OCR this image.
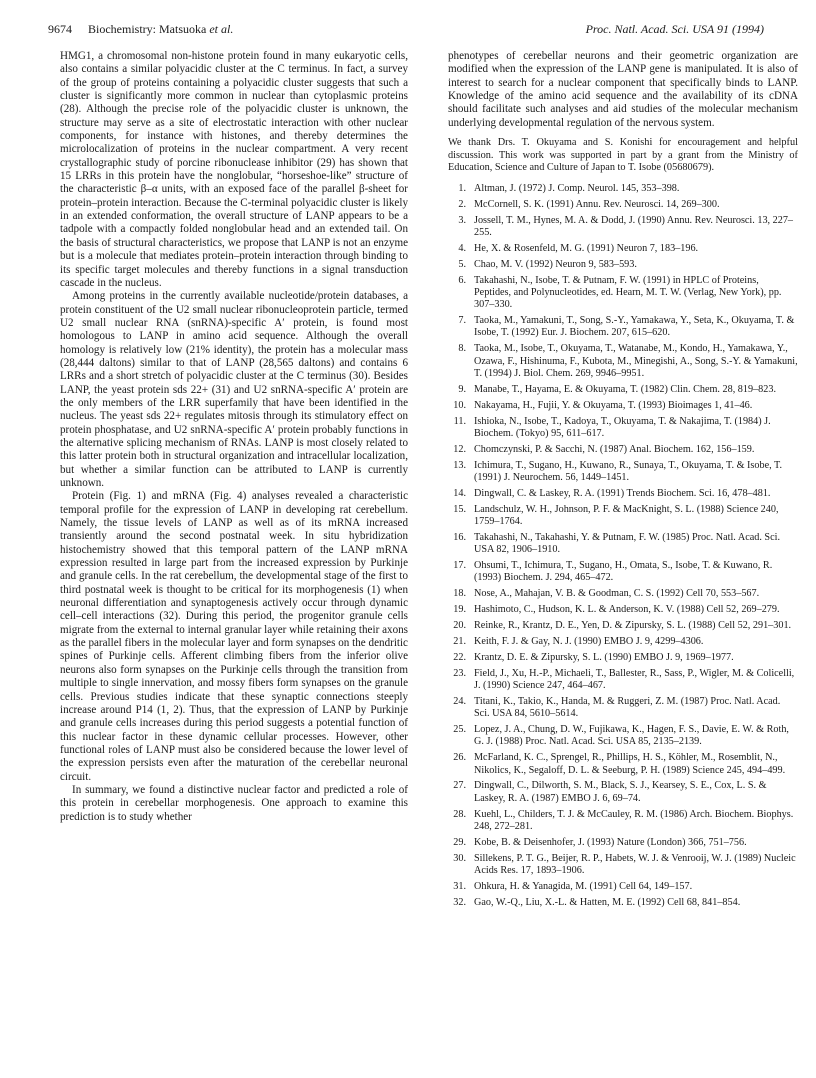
9674 Biochemistry: Matsuoka et al.	Proc. Natl. Acad. Sci. USA 91 (1994)

HMG1, a chromosomal non-histone protein found in many eukaryotic cells, also contains a similar polyacidic cluster at the C terminus. In fact, a survey of the group of proteins containing a polyacidic cluster suggests that such a cluster is significantly more common in nuclear than cytoplasmic proteins (28). Although the precise role of the polyacidic cluster is unknown, the structure may serve as a site of electrostatic interaction with other nuclear components, for instance with histones, and thereby determines the microlocalization of proteins in the nuclear compartment. A very recent crystallographic study of porcine ribonuclease inhibitor (29) has shown that 15 LRRs in this protein have the nonglobular, “horseshoe-like” structure of the characteristic β–α units, with an exposed face of the parallel β-sheet for protein–protein interaction. Because the C-terminal polyacidic cluster is likely in an extended conformation, the overall structure of LANP appears to be a tadpole with a compactly folded nonglobular head and an extended tail. On the basis of structural characteristics, we propose that LANP is not an enzyme but is a molecule that mediates protein–protein interaction through binding to its specific target molecules and thereby functions in a signal transduction cascade in the nucleus.

Among proteins in the currently available nucleotide/protein databases, a protein constituent of the U2 small nuclear ribonucleoprotein particle, termed U2 small nuclear RNA (snRNA)-specific A′ protein, is found most homologous to LANP in amino acid sequence. Although the overall homology is relatively low (21% identity), the protein has a molecular mass (28,444 daltons) similar to that of LANP (28,565 daltons) and contains 6 LRRs and a short stretch of polyacidic cluster at the C terminus (30). Besides LANP, the yeast protein sds 22+ (31) and U2 snRNA-specific A′ protein are the only members of the LRR superfamily that have been identified in the nucleus. The yeast sds 22+ regulates mitosis through its stimulatory effect on protein phosphatase, and U2 snRNA-specific A′ protein probably functions in the alternative splicing mechanism of RNAs. LANP is most closely related to this latter protein both in structural organization and intracellular localization, but whether a similar function can be attributed to LANP is currently unknown.

Protein (Fig. 1) and mRNA (Fig. 4) analyses revealed a characteristic temporal profile for the expression of LANP in developing rat cerebellum. Namely, the tissue levels of LANP as well as of its mRNA increased transiently around the second postnatal week. In situ hybridization histochemistry showed that this temporal pattern of the LANP mRNA expression resulted in large part from the increased expression by Purkinje and granule cells. In the rat cerebellum, the developmental stage of the first to third postnatal week is thought to be critical for its morphogenesis (1) when neuronal differentiation and synaptogenesis actively occur through dynamic cell–cell interactions (32). During this period, the progenitor granule cells migrate from the external to internal granular layer while retaining their axons as the parallel fibers in the molecular layer and form synapses on the dendritic spines of Purkinje cells. Afferent climbing fibers from the inferior olive neurons also form synapses on the Purkinje cells through the transition from multiple to single innervation, and mossy fibers form synapses on the granule cells. Previous studies indicate that these synaptic connections steeply increase around P14 (1, 2). Thus, that the expression of LANP by Purkinje and granule cells increases during this period suggests a potential function of this nuclear factor in these dynamic cellular processes. However, other functional roles of LANP must also be considered because the lower level of the expression persists even after the maturation of the cerebellar neuronal circuit.

In summary, we found a distinctive nuclear factor and predicted a role of this protein in cerebellar morphogenesis. One approach to examine this prediction is to study whether

phenotypes of cerebellar neurons and their geometric organization are modified when the expression of the LANP gene is manipulated. It is also of interest to search for a nuclear component that specifically binds to LANP. Knowledge of the amino acid sequence and the availability of its cDNA should facilitate such analyses and aid studies of the molecular mechanism underlying developmental regulation of the nervous system.

We thank Drs. T. Okuyama and S. Konishi for encouragement and helpful discussion. This work was supported in part by a grant from the Ministry of Education, Science and Culture of Japan to T. Isobe (05680679).

1. Altman, J. (1972) J. Comp. Neurol. 145, 353–398.
2. McCornell, S. K. (1991) Annu. Rev. Neurosci. 14, 269–300.
3. Jossell, T. M., Hynes, M. A. & Dodd, J. (1990) Annu. Rev. Neurosci. 13, 227–255.
4. He, X. & Rosenfeld, M. G. (1991) Neuron 7, 183–196.
5. Chao, M. V. (1992) Neuron 9, 583–593.
6. Takahashi, N., Isobe, T. & Putnam, F. W. (1991) in HPLC of Proteins, Peptides, and Polynucleotides, ed. Hearn, M. T. W. (Verlag, New York), pp. 307–330.
7. Taoka, M., Yamakuni, T., Song, S.-Y., Yamakawa, Y., Seta, K., Okuyama, T. & Isobe, T. (1992) Eur. J. Biochem. 207, 615–620.
8. Taoka, M., Isobe, T., Okuyama, T., Watanabe, M., Kondo, H., Yamakawa, Y., Ozawa, F., Hishinuma, F., Kubota, M., Minegishi, A., Song, S.-Y. & Yamakuni, T. (1994) J. Biol. Chem. 269, 9946–9951.
9. Manabe, T., Hayama, E. & Okuyama, T. (1982) Clin. Chem. 28, 819–823.
10. Nakayama, H., Fujii, Y. & Okuyama, T. (1993) Bioimages 1, 41–46.
11. Ishioka, N., Isobe, T., Kadoya, T., Okuyama, T. & Nakajima, T. (1984) J. Biochem. (Tokyo) 95, 611–617.
12. Chomczynski, P. & Sacchi, N. (1987) Anal. Biochem. 162, 156–159.
13. Ichimura, T., Sugano, H., Kuwano, R., Sunaya, T., Okuyama, T. & Isobe, T. (1991) J. Neurochem. 56, 1449–1451.
14. Dingwall, C. & Laskey, R. A. (1991) Trends Biochem. Sci. 16, 478–481.
15. Landschulz, W. H., Johnson, P. F. & MacKnight, S. L. (1988) Science 240, 1759–1764.
16. Takahashi, N., Takahashi, Y. & Putnam, F. W. (1985) Proc. Natl. Acad. Sci. USA 82, 1906–1910.
17. Ohsumi, T., Ichimura, T., Sugano, H., Omata, S., Isobe, T. & Kuwano, R. (1993) Biochem. J. 294, 465–472.
18. Nose, A., Mahajan, V. B. & Goodman, C. S. (1992) Cell 70, 553–567.
19. Hashimoto, C., Hudson, K. L. & Anderson, K. V. (1988) Cell 52, 269–279.
20. Reinke, R., Krantz, D. E., Yen, D. & Zipursky, S. L. (1988) Cell 52, 291–301.
21. Keith, F. J. & Gay, N. J. (1990) EMBO J. 9, 4299–4306.
22. Krantz, D. E. & Zipursky, S. L. (1990) EMBO J. 9, 1969–1977.
23. Field, J., Xu, H.-P., Michaeli, T., Ballester, R., Sass, P., Wigler, M. & Colicelli, J. (1990) Science 247, 464–467.
24. Titani, K., Takio, K., Handa, M. & Ruggeri, Z. M. (1987) Proc. Natl. Acad. Sci. USA 84, 5610–5614.
25. Lopez, J. A., Chung, D. W., Fujikawa, K., Hagen, F. S., Davie, E. W. & Roth, G. J. (1988) Proc. Natl. Acad. Sci. USA 85, 2135–2139.
26. McFarland, K. C., Sprengel, R., Phillips, H. S., Köhler, M., Rosemblit, N., Nikolics, K., Segaloff, D. L. & Seeburg, P. H. (1989) Science 245, 494–499.
27. Dingwall, C., Dilworth, S. M., Black, S. J., Kearsey, S. E., Cox, L. S. & Laskey, R. A. (1987) EMBO J. 6, 69–74.
28. Kuehl, L., Childers, T. J. & McCauley, R. M. (1986) Arch. Biochem. Biophys. 248, 272–281.
29. Kobe, B. & Deisenhofer, J. (1993) Nature (London) 366, 751–756.
30. Sillekens, P. T. G., Beijer, R. P., Habets, W. J. & Venrooij, W. J. (1989) Nucleic Acids Res. 17, 1893–1906.
31. Ohkura, H. & Yanagida, M. (1991) Cell 64, 149–157.
32. Gao, W.-Q., Liu, X.-L. & Hatten, M. E. (1992) Cell 68, 841–854.
